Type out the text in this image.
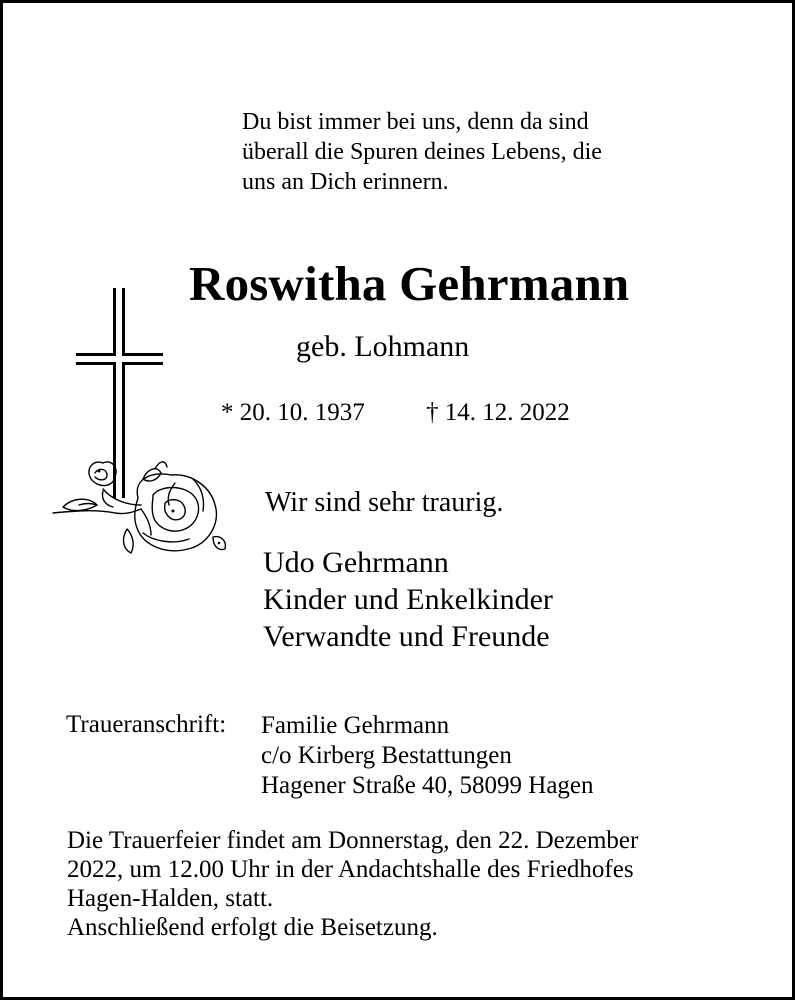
Du bist immer bei uns, denn da sind
überall die Spuren deines Lebens, die
uns an Dich erinnern.
Roswitha Gehrmann
geb. Lohmann
* 20. 10. 1937 † 14. 12. 2022
Wir sind sehr traurig.
Udo Gehrmann
Kinder und Enkelkinder
Verwandte und Freunde
Traueranschrift: Familie Gehrmann
c/o Kirberg Bestattungen
Hagener Straße 40, 58099 Hagen
Die Trauerfeier findet am Donnerstag, den 22. Dezember
2022, um 12.00 Uhr in der Andachtshalle des Friedhofes
Hagen-Halden, statt.
Anschließend erfolgt die Beisetzung.
